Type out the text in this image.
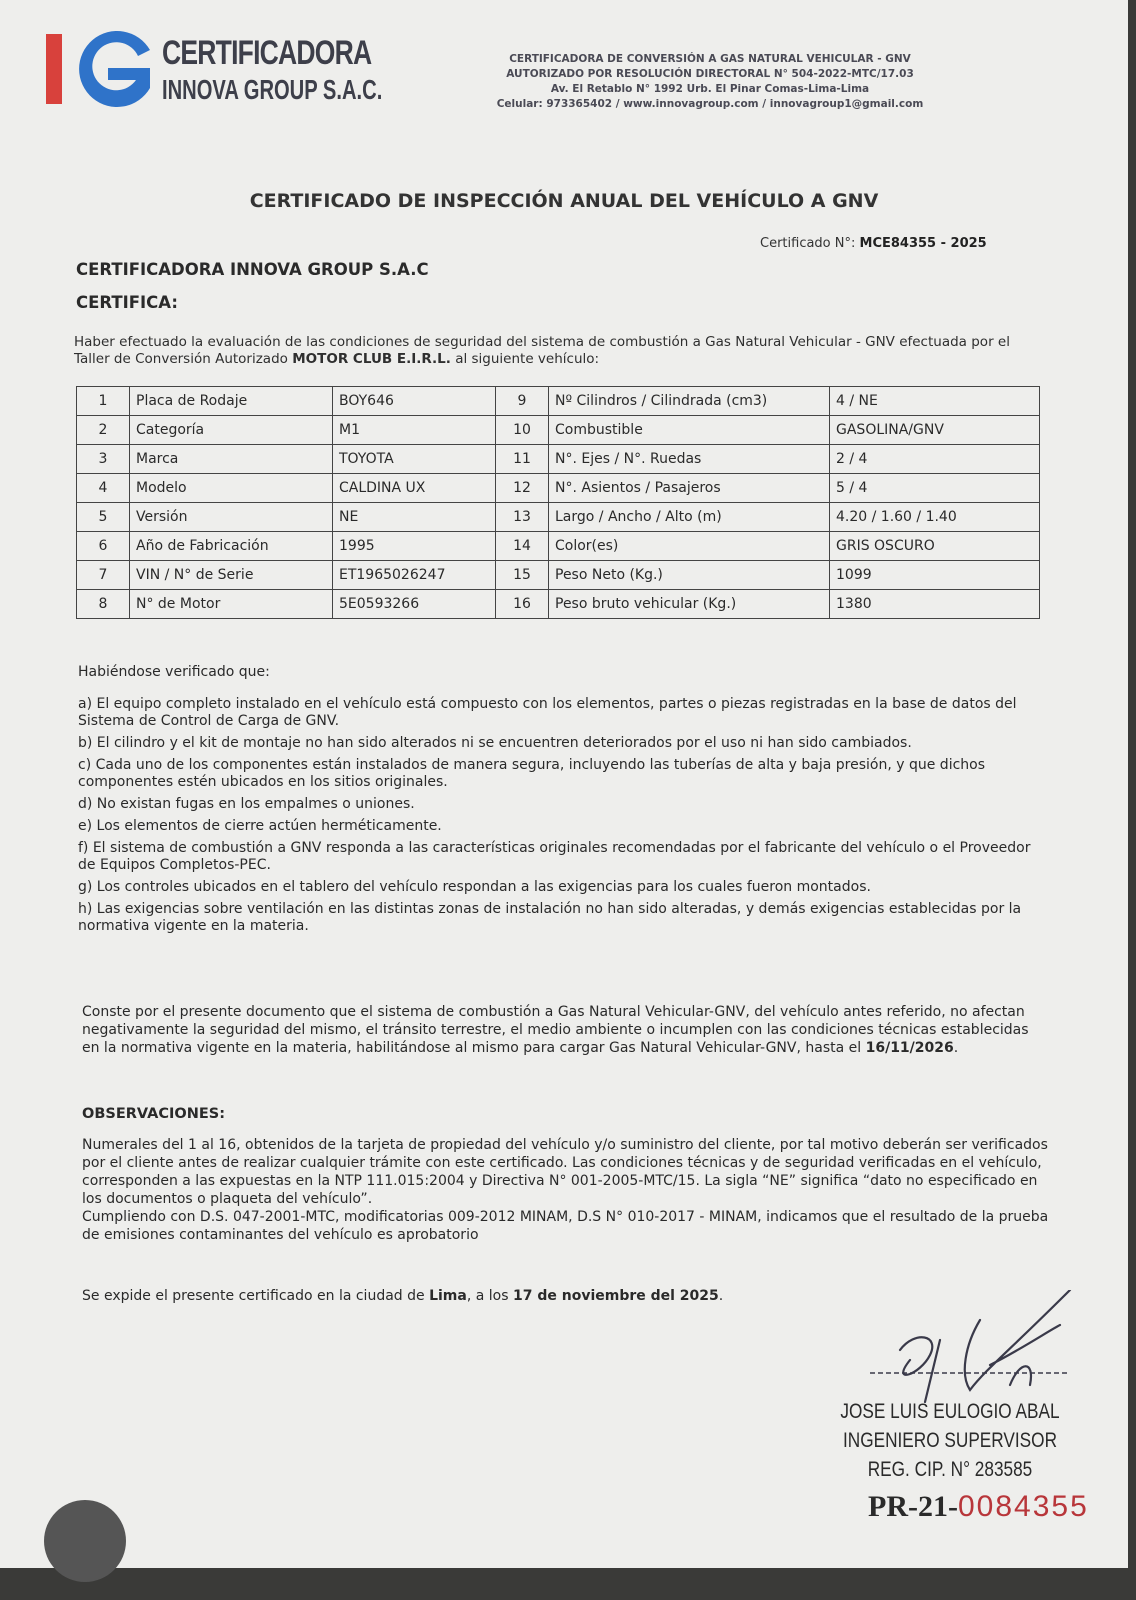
CERTIFICADORA
INNOVA GROUP S.A.C.
CERTIFICADORA DE CONVERSIÓN A GAS NATURAL VEHICULAR - GNV
AUTORIZADO POR RESOLUCIÓN DIRECTORAL N° 504-2022-MTC/17.03
Av. El Retablo N° 1992 Urb. El Pinar Comas-Lima-Lima
Celular: 973365402 / www.innovagroup.com / innovagroup1@gmail.com
CERTIFICADO DE INSPECCIÓN ANUAL DEL VEHÍCULO A GNV
Certificado N°: MCE84355 - 2025
CERTIFICADORA INNOVA GROUP S.A.C
CERTIFICA:
Haber efectuado la evaluación de las condiciones de seguridad del sistema de combustión a Gas Natural Vehicular - GNV efectuada por el Taller de Conversión Autorizado MOTOR CLUB E.I.R.L. al siguiente vehículo:
1	Placa de Rodaje	BOY646	9	Nº Cilindros / Cilindrada (cm3)	4 / NE
2	Categoría	M1	10	Combustible	GASOLINA/GNV
3	Marca	TOYOTA	11	N°. Ejes / N°. Ruedas	2 / 4
4	Modelo	CALDINA UX	12	N°. Asientos / Pasajeros	5 / 4
5	Versión	NE	13	Largo / Ancho / Alto (m)	4.20 / 1.60 / 1.40
6	Año de Fabricación	1995	14	Color(es)	GRIS OSCURO
7	VIN / N° de Serie	ET1965026247	15	Peso Neto (Kg.)	1099
8	N° de Motor	5E0593266	16	Peso bruto vehicular (Kg.)	1380
Habiéndose verificado que:

a) El equipo completo instalado en el vehículo está compuesto con los elementos, partes o piezas registradas en la base de datos del Sistema de Control de Carga de GNV.

b) El cilindro y el kit de montaje no han sido alterados ni se encuentren deteriorados por el uso ni han sido cambiados.

c) Cada uno de los componentes están instalados de manera segura, incluyendo las tuberías de alta y baja presión, y que dichos componentes estén ubicados en los sitios originales.

d) No existan fugas en los empalmes o uniones.

e) Los elementos de cierre actúen herméticamente.

f) El sistema de combustión a GNV responda a las características originales recomendadas por el fabricante del vehículo o el Proveedor de Equipos Completos-PEC.

g) Los controles ubicados en el tablero del vehículo respondan a las exigencias para los cuales fueron montados.

h) Las exigencias sobre ventilación en las distintas zonas de instalación no han sido alteradas, y demás exigencias establecidas por la normativa vigente en la materia.

Conste por el presente documento que el sistema de combustión a Gas Natural Vehicular-GNV, del vehículo antes referido, no afectan negativamente la seguridad del mismo, el tránsito terrestre, el medio ambiente o incumplen con las condiciones técnicas establecidas en la normativa vigente en la materia, habilitándose al mismo para cargar Gas Natural Vehicular-GNV, hasta el 16/11/2026.
OBSERVACIONES:
Numerales del 1 al 16, obtenidos de la tarjeta de propiedad del vehículo y/o suministro del cliente, por tal motivo deberán ser verificados por el cliente antes de realizar cualquier trámite con este certificado. Las condiciones técnicas y de seguridad verificadas en el vehículo, corresponden a las expuestas en la NTP 111.015:2004 y Directiva N° 001-2005-MTC/15. La sigla “NE” significa “dato no especificado en los documentos o plaqueta del vehículo”.
Cumpliendo con D.S. 047-2001-MTC, modificatorias 009-2012 MINAM, D.S N° 010-2017 - MINAM, indicamos que el resultado de la prueba de emisiones contaminantes del vehículo es aprobatorio
Se expide el presente certificado en la ciudad de Lima, a los 17 de noviembre del 2025.
JOSE LUIS EULOGIO ABAL
INGENIERO SUPERVISOR
REG. CIP. N° 283585
PR-21-0084355
